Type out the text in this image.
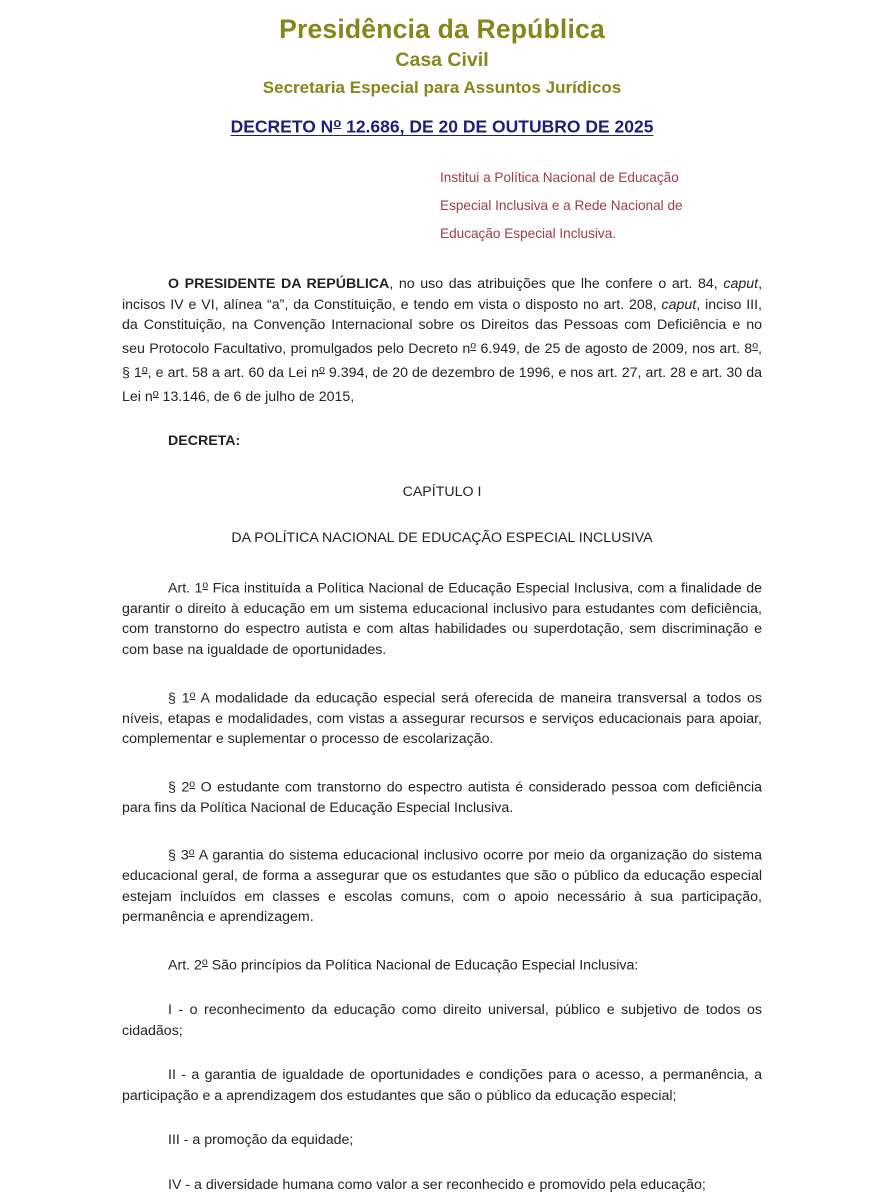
Presidência da República
Casa Civil
Secretaria Especial para Assuntos Jurídicos
DECRETO $N^o$ 12.686, DE 20 DE OUTUBRO DE 2025

Institui a Política Nacional de Educação

Especial Inclusiva e a Rede Nacional de

Educação Especial Inclusiva.

O PRESIDENTE DA REPÚBLICA, no uso das atribuições que lhe confere o art. 84, caput, incisos IV e VI, alínea “a”, da Constituição, e tendo em vista o disposto no art. 208, caput, inciso III, da Constituição, na Convenção Internacional sobre os Direitos das Pessoas com Deficiência e no seu Protocolo Facultativo, promulgados pelo Decreto $n^o$ 6.949, de 25 de agosto de 2009, nos art. 8$^o$, § 1$^o$, e art. 58 a art. 60 da Lei $n^o$ 9.394, de 20 de dezembro de 1996, e nos art. 27, art. 28 e art. 30 da Lei $n^o$ 13.146, de 6 de julho de 2015,

DECRETA:

CAPÍTULO I

DA POLÍTICA NACIONAL DE EDUCAÇÃO ESPECIAL INCLUSIVA

Art. 1$^o$ Fica instituída a Política Nacional de Educação Especial Inclusiva, com a finalidade de garantir o direito à educação em um sistema educacional inclusivo para estudantes com deficiência, com transtorno do espectro autista e com altas habilidades ou superdotação, sem discriminação e com base na igualdade de oportunidades.

§ 1$^o$ A modalidade da educação especial será oferecida de maneira transversal a todos os níveis, etapas e modalidades, com vistas a assegurar recursos e serviços educacionais para apoiar, complementar e suplementar o processo de escolarização.

§ 2$^o$ O estudante com transtorno do espectro autista é considerado pessoa com deficiência para fins da Política Nacional de Educação Especial Inclusiva.

§ 3$^o$ A garantia do sistema educacional inclusivo ocorre por meio da organização do sistema educacional geral, de forma a assegurar que os estudantes que são o público da educação especial estejam incluídos em classes e escolas comuns, com o apoio necessário à sua participação, permanência e aprendizagem.

Art. 2$^o$ São princípios da Política Nacional de Educação Especial Inclusiva:

I - o reconhecimento da educação como direito universal, público e subjetivo de todos os cidadãos;

II - a garantia de igualdade de oportunidades e condições para o acesso, a permanência, a participação e a aprendizagem dos estudantes que são o público da educação especial;

III - a promoção da equidade;

IV - a diversidade humana como valor a ser reconhecido e promovido pela educação;
